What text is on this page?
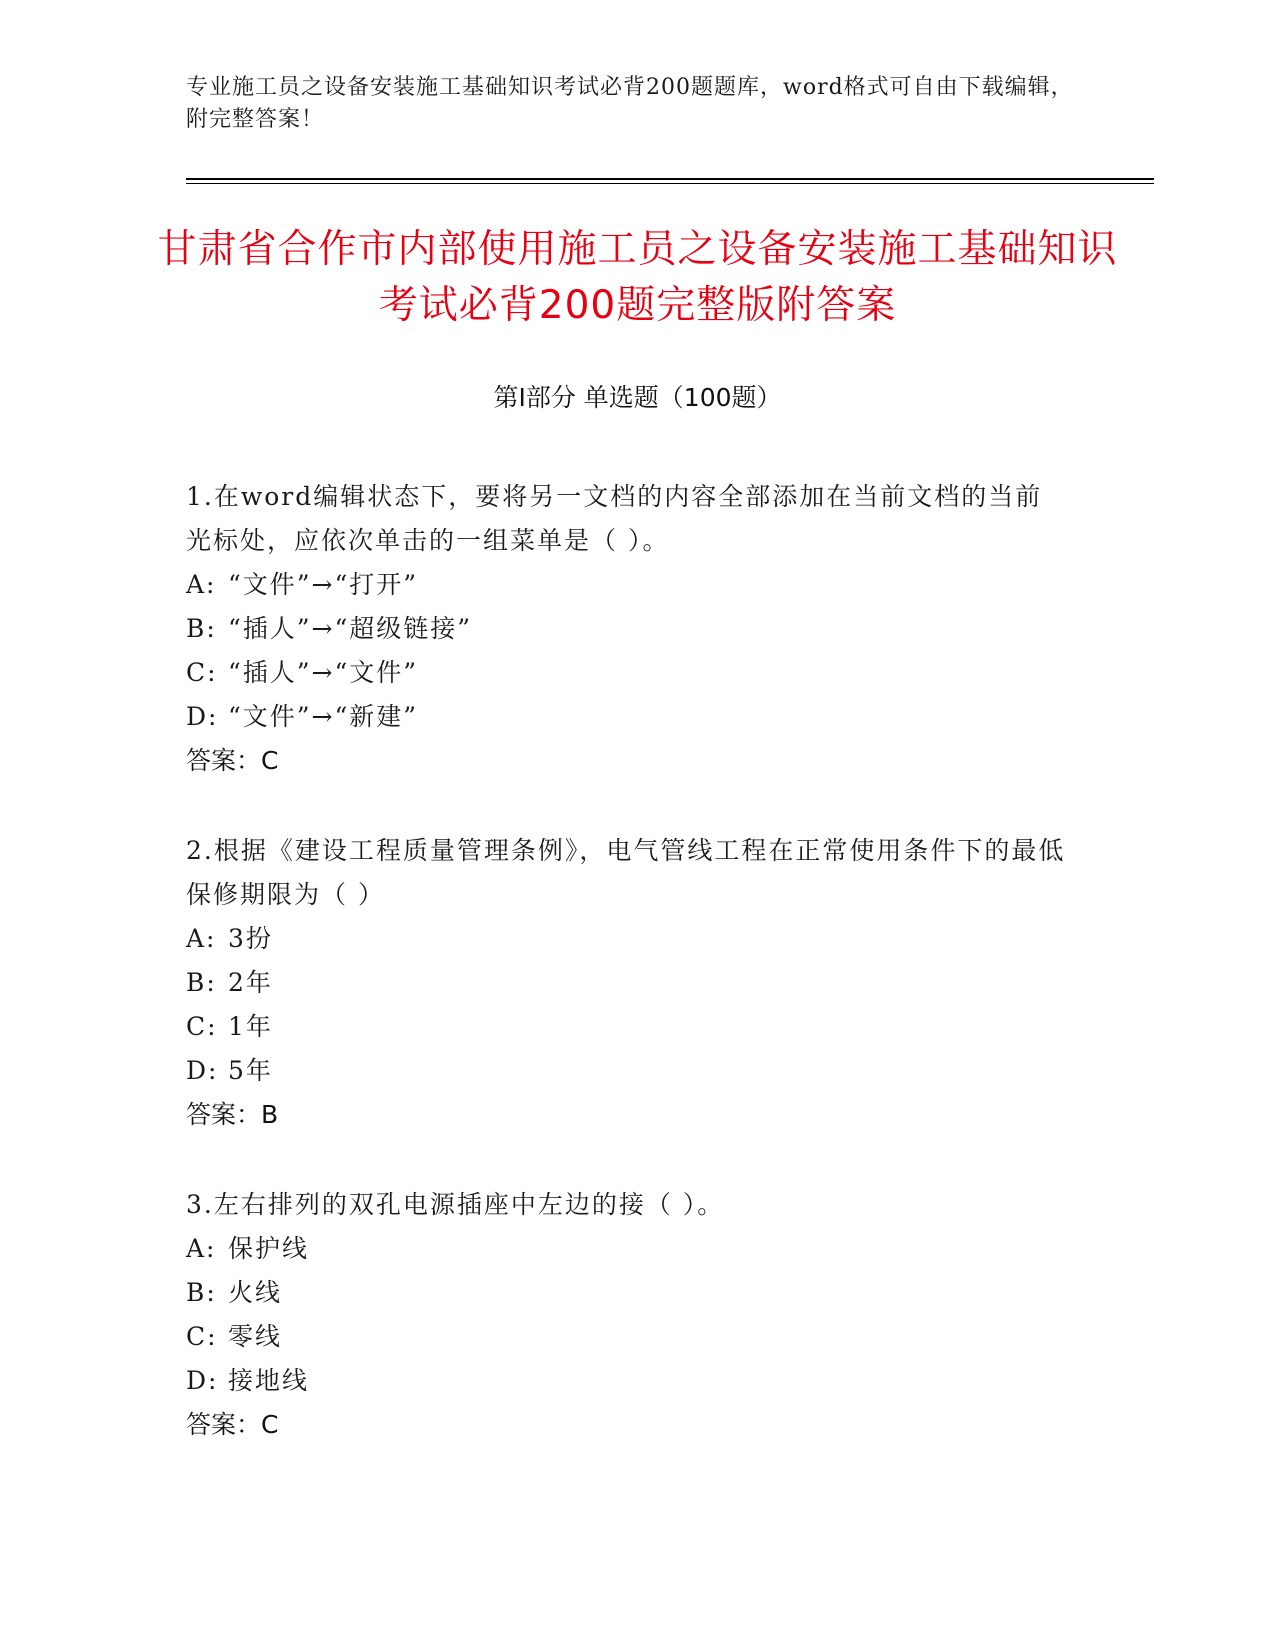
专业施工员之设备安装施工基础知识考试必背200题题库，word格式可自由下载编辑，附完整答案！
甘肃省合作市内部使用施工员之设备安装施工基础知识考试必背200题完整版附答案
第Ⅰ部分 单选题（100题）
1.在word编辑状态下，要将另一文档的内容全部添加在当前文档的当前光标处，应依次单击的一组菜单是（ ）。
A: “文件”→“打开”
B: “插人”→“超级链接”
C: “插人”→“文件”
D: “文件”→“新建”
答案：C
2.根据《建设工程质量管理条例》，电气管线工程在正常使用条件下的最低保修期限为（ ）
A: 3扮
B: 2年
C: 1年
D: 5年
答案：B
3.左右排列的双孔电源插座中左边的接（ ）。
A: 保护线
B: 火线
C: 零线
D: 接地线
答案：C
